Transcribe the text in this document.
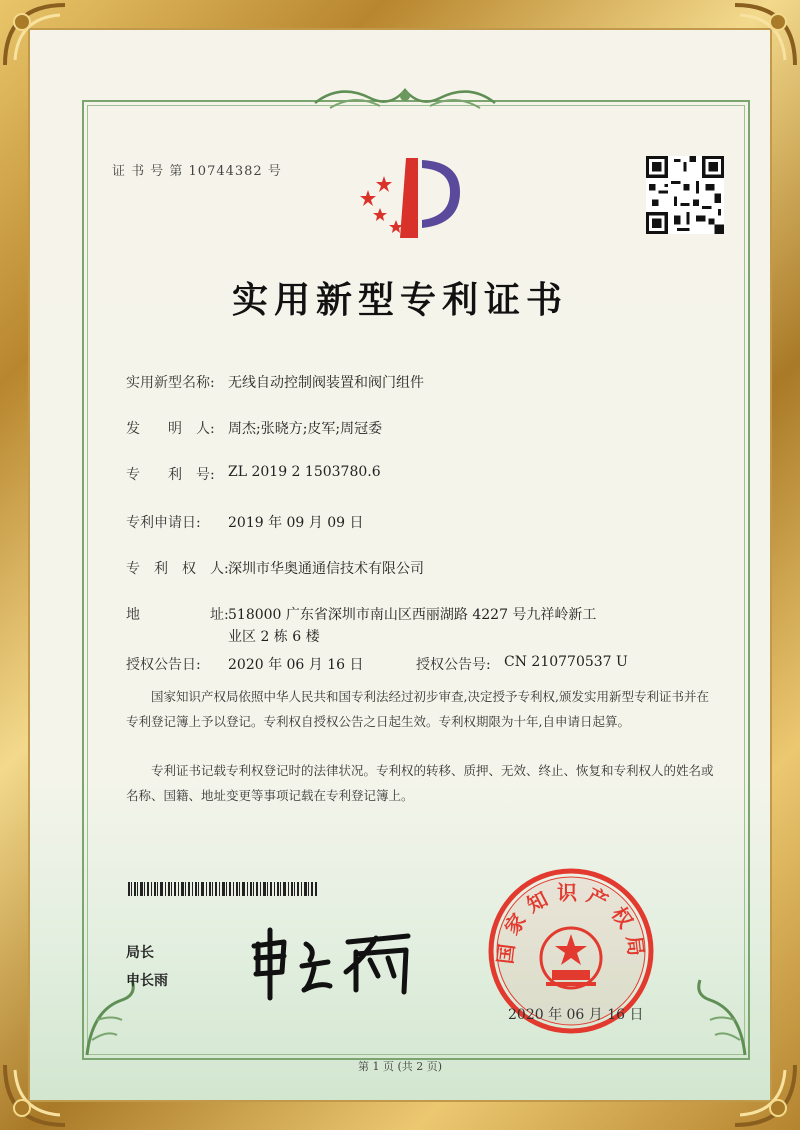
证 书 号 第 10744382 号
实用新型专利证书
实用新型名称: 无线自动控制阀装置和阀门组件
发　　明　人: 周杰;张晓方;皮军;周冠委
专　　利　号: ZL 2019 2 1503780.6
专利申请日: 2019 年 09 月 09 日
专　利　权　人: 深圳市华奥通通信技术有限公司
地　　　　　址: 518000 广东省深圳市南山区西丽湖路 4227 号九祥岭新工
业区 2 栋 6 楼
授权公告日: 2020 年 06 月 16 日	授权公告号: CN 210770537 U
国家知识产权局依照中华人民共和国专利法经过初步审查,决定授予专利权,颁发实用新型专利证书并在专利登记簿上予以登记。专利权自授权公告之日起生效。专利权期限为十年,自申请日起算。
专利证书记载专利权登记时的法律状况。专利权的转移、质押、无效、终止、恢复和专利权人的姓名或名称、国籍、地址变更等事项记载在专利登记簿上。
局长
申长雨
国家知识产权局
2020 年 06 月 16 日
第 1 页 (共 2 页)
